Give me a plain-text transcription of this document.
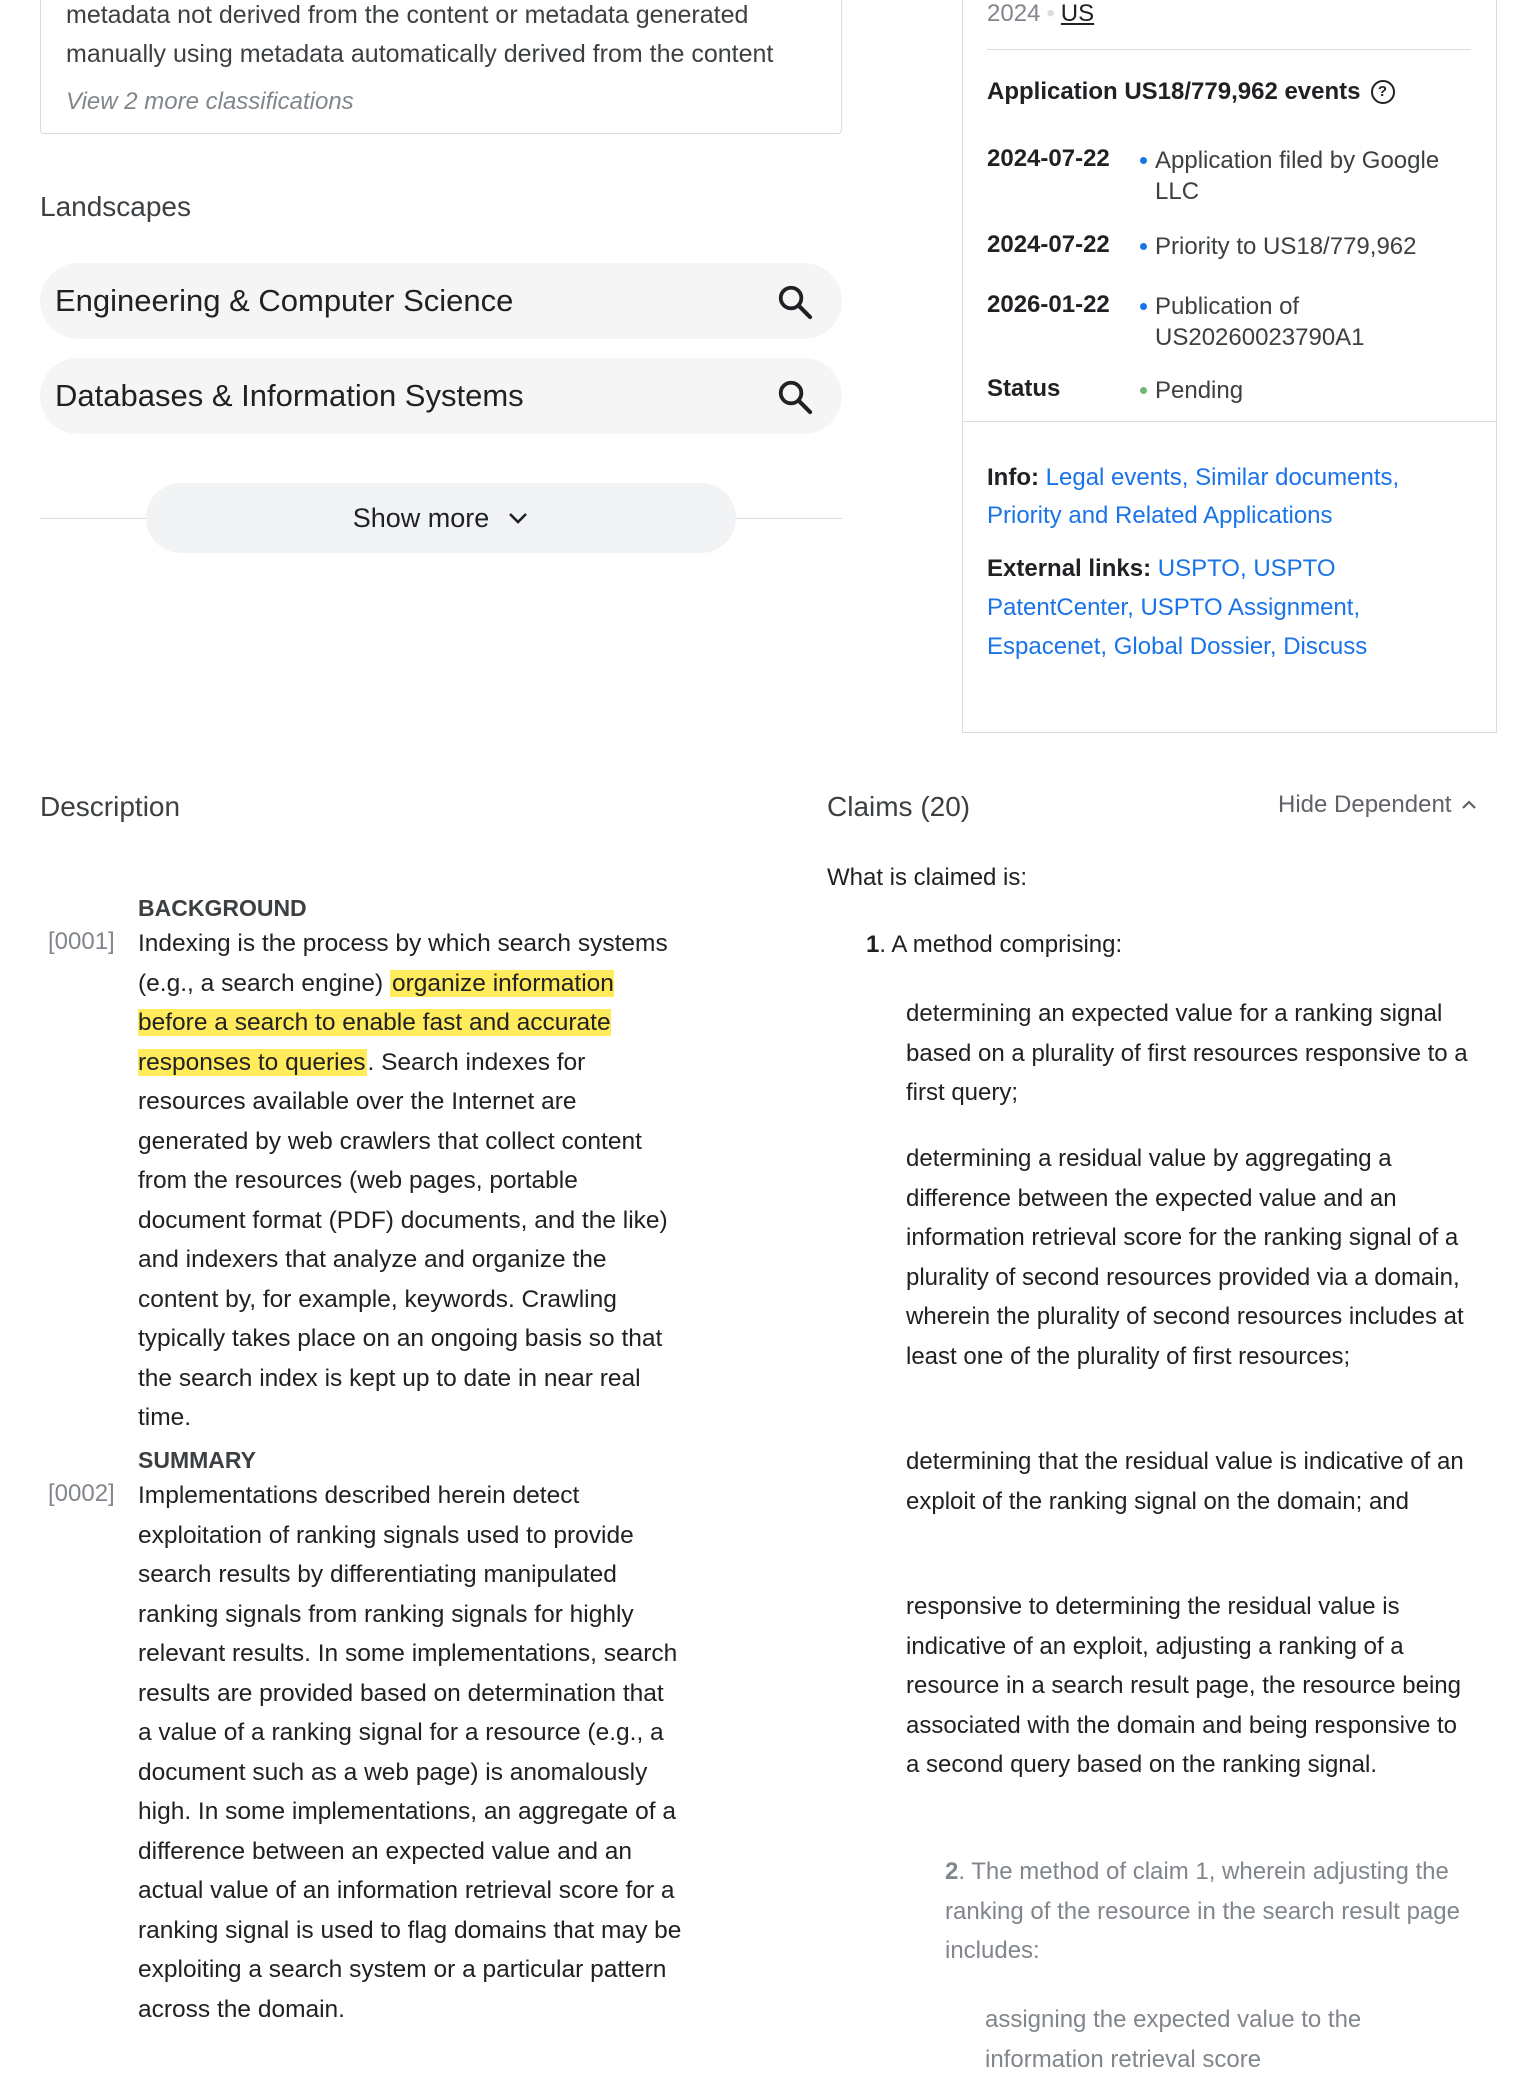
metadata not derived from the content or metadata generated manually using metadata automatically derived from the content
View 2 more classifications
Landscapes
Engineering & Computer Science
Databases & Information Systems
Show more
2024 • US
Application US18/779,962 events	?
2024-07-22 Application filed by Google LLC
2024-07-22 Priority to US18/779,962
2026-01-22 Publication of US20260023790A1
Status	Pending
Info: Legal events, Similar documents, Priority and Related Applications
External links: USPTO, USPTO PatentCenter, USPTO Assignment, Espacenet, Global Dossier, Discuss
Description
BACKGROUND
[0001] Indexing is the process by which search systems (e.g., a search engine) organize information before a search to enable fast and accurate responses to queries. Search indexes for resources available over the Internet are generated by web crawlers that collect content from the resources (web pages, portable document format (PDF) documents, and the like) and indexers that analyze and organize the content by, for example, keywords. Crawling typically takes place on an ongoing basis so that the search index is kept up to date in near real time.
SUMMARY
[0002] Implementations described herein detect exploitation of ranking signals used to provide search results by differentiating manipulated ranking signals from ranking signals for highly relevant results. In some implementations, search results are provided based on determination that a value of a ranking signal for a resource (e.g., a document such as a web page) is anomalously high. In some implementations, an aggregate of a difference between an expected value and an actual value of an information retrieval score for a ranking signal is used to flag domains that may be exploiting a search system or a particular pattern across the domain.
Claims (20)	Hide Dependent
What is claimed is:
1. A method comprising:
determining an expected value for a ranking signal based on a plurality of first resources responsive to a first query;
determining a residual value by aggregating a difference between the expected value and an information retrieval score for the ranking signal of a plurality of second resources provided via a domain, wherein the plurality of second resources includes at least one of the plurality of first resources;
determining that the residual value is indicative of an exploit of the ranking signal on the domain; and
responsive to determining the residual value is indicative of an exploit, adjusting a ranking of a resource in a search result page, the resource being associated with the domain and being responsive to a second query based on the ranking signal.
2. The method of claim 1, wherein adjusting the ranking of the resource in the search result page includes:
assigning the expected value to the information retrieval score
